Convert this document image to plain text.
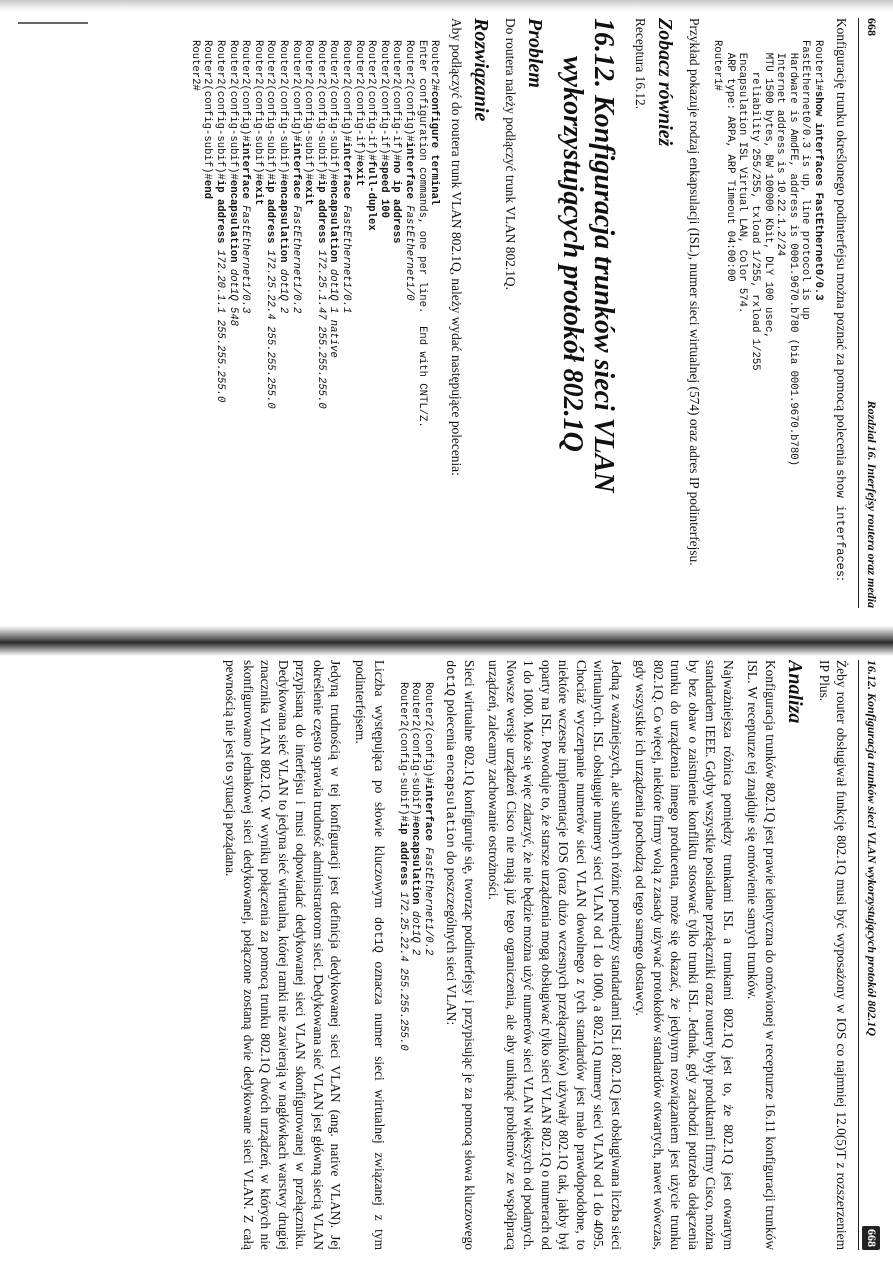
668
Rozdział 16. Interfejsy routera oraz media

Konfigurację trunku określonego podinterfejsu można poznać za pomocą polecenia show interfaces:

Router1#show interfaces FastEthernet0/0.3
FastEthernet0/0.3 is up, line protocol is up
Hardware is AmdFE, address is 0001.9670.b780 (bia 0001.9670.b780)
Internet address is 10.22.1.2/24
MTU 1500 bytes, BW 100000 Kbit, DLY 100 usec,
reliability 255/255, txload 1/255, rxload 1/255
Encapsulation ISL Virtual LAN, Color 574.
ARP type: ARPA, ARP Timeout 04:00:00
Router1#

Przykład pokazuje rodzaj enkapsulacji (ISL), numer sieci wirtualnej (574) oraz adres IP podinterfejsu.

Zobacz również

Receptura 16.12.

16.12. Konfiguracja trunków sieci VLAN
wykorzystujących protokół 802.1Q
Problem

Do routera należy podłączyć trunk VLAN 802.1Q.

Rozwiązanie

Aby podłączyć do routera trunk VLAN 802.1Q, należy wydać następujące polecenia:

Router2#configure terminal
Enter configuration commands, one per line.  End with CNTL/Z.
Router2(config)#interface FastEthernet1/0
Router2(config-if)#no ip address
Router2(config-if)#speed 100
Router2(config-if)#full-duplex
Router2(config-if)#exit
Router2(config)#interface FastEthernet1/0.1
Router2(config-subif)#encapsulation dot1Q 1 native
Router2(config-subif)#ip address 172.25.1.47 255.255.255.0
Router2(config-subif)#exit
Router2(config)#interface FastEthernet1/0.2
Router2(config-subif)#encapsulation dot1Q 2
Router2(config-subif)#ip address 172.25.22.4 255.255.255.0
Router2(config-subif)#exit
Router2(config)#interface FastEthernet1/0.3
Router2(config-subif)#encapsulation dot1Q 548
Router2(config-subif)#ip address 172.20.1.1 255.255.255.0
Router2(config-subif)#end
Router2#
16.12. Konfiguracja trunków sieci VLAN wykorzystujących protokół 802.1Q
668

Żeby router obsługiwał funkcję 802.1Q musi być wyposażony w IOS co najmniej 12.0(5)T z rozszerzeniem IP Plus.

Analiza

Konfiguracja trunków 802.1Q jest prawie identyczna do omówionej w recepturze 16.11 konfiguracji trunków ISL. W recepturze tej znajduje się omówienie samych trunków.

Najważniejsza różnica pomiędzy trunkami ISL a trunkami 802.1Q jest to, że 802.1Q jest otwartym standardem IEEE. Gdyby wszystkie posiadane przełączniki oraz routery były produktami firmy Cisco, można by bez obaw o zaistnienie konfliktu stosować tylko trunki ISL. Jednak, gdy zachodzi potrzeba dołączenia trunku do urządzenia innego producenta, może się okazać, że jedynym rozwiązaniem jest użycie trunku 802.1Q. Co więcej, niektóre firmy wolą z zasady używać protokołów standardów otwartych, nawet wówczas, gdy wszystkie ich urządzenia pochodzą od tego samego dostawcy.

Jedną z ważniejszych, ale subtelnych różnic pomiędzy standardami ISL i 802.1Q jest obsługiwana liczba sieci wirtualnych. ISL obsługuje numery sieci VLAN od 1 do 1000, a 802.1Q numery sieci VLAN od 1 do 4095. Chociaż wyczerpanie numerów sieci VLAN dowolnego z tych standardów jest mało prawdopodobne, to niektóre wczesne implementacje IOS (oraz dużo wczesnych przełączników) używały 802.1Q tak, jakby był oparty na ISL. Powoduje to, że starsze urządzenia mogą obsługiwać tylko sieci VLAN 802.1Q o numerach od 1 do 1000. Może się więc zdarzyć, że nie będzie można użyć numerów sieci VLAN większych od podanych. Nowsze wersje urządzeń Cisco nie mają już tego ograniczenia, ale aby uniknąć problemów ze współpracą urządzeń, zalecamy zachowanie ostrożności.

Sieci wirtualne 802.1Q konfiguruje się, tworząc podinterfejsy i przypisując je za pomocą słowa kluczowego dot1Q polecenia encapsulation do poszczególnych sieci VLAN:

Router2(config)#interface FastEthernet1/0.2
Router2(config-subif)#encapsulation dot1Q 2
Router2(config-subif)#ip address 172.25.22.4 255.255.255.0

Liczba występująca po słowie kluczowym dot1Q oznacza numer sieci wirtualnej związanej z tym podinterfejsem.

Jedyną trudnością w tej konfiguracji jest definicja dedykowanej sieci VLAN (ang. native VLAN). Jej określenie często sprawia trudność administratorom sieci. Dedykowana sieć VLAN jest główną siecią VLAN przypisaną do interfejsu i musi odpowiadać dedykowanej sieci VLAN skonfigurowanej w przełączniku. Dedykowana sieć VLAN to jedyna sieć wirtualna, której ramki nie zawierają w nagłówkach warstwy drugiej znacznika VLAN 802.1Q. W wyniku połączenia za pomocą trunku 802.1Q dwóch urządzeń, w których nie skonfigurowano jednakowej sieci dedykowanej, połączone zostaną dwie dedykowane sieci VLAN. Z całą pewnością nie jest to sytuacja pożądana.
